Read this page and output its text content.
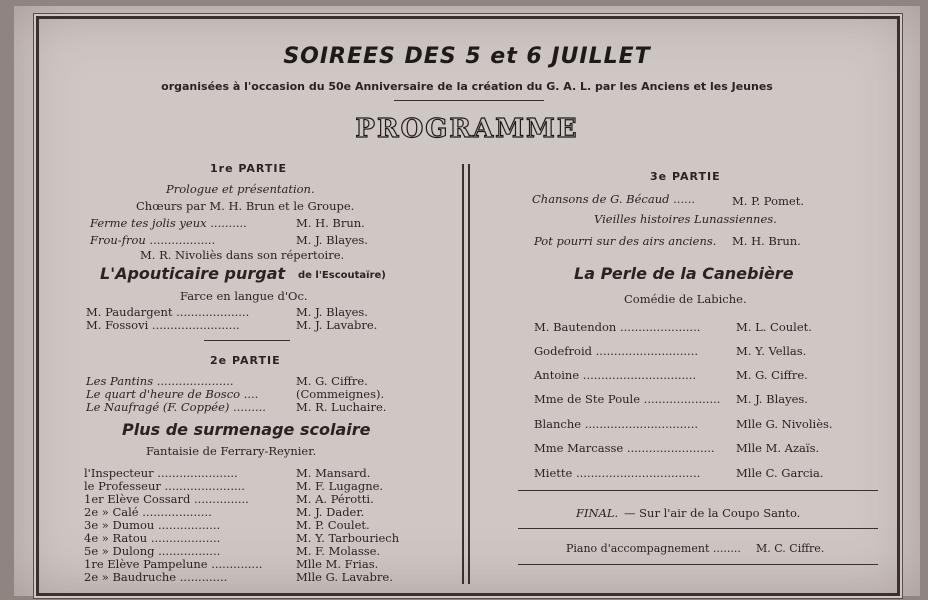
SOIREES DES 5 et 6 JUILLET
organisées à l'occasion du 50e Anniversaire de la création du G. A. L. par les Anciens et les Jeunes
PROGRAMME
1re PARTIE
Prologue et présentation.
Chœurs par M. H. Brun et le Groupe.
Ferme tes jolis yeux ..........	M. H. Brun.
Frou-frou ..................	M. J. Blayes.
M. R. Nivoliès dans son répertoire.
L'Apouticaire purgat de l'Escoutaïre)
Farce en langue d'Oc.
M. Paudargent ....................	M. J. Blayes.
M. Fossovi ........................	M. J. Lavabre.
2e PARTIE
Les Pantins .....................	M. G. Ciffre.
Le quart d'heure de Bosco ....	(Commeignes).
Le Naufragé (F. Coppée) .........	M. R. Luchaire.
Plus de surmenage scolaire
Fantaisie de Ferrary-Reynier.
l'Inspecteur ......................	M. Mansard.
le Professeur ......................	M. F. Lugagne.
1er Elève Cossard ...............	M. A. Pérotti.
2e » Calé ...................	M. J. Dader.
3e » Dumou .................	M. P. Coulet.
4e » Ratou ...................	M. Y. Tarbouriech
5e » Dulong .................	M. F. Molasse.
1re Elève Pampelune ..............	Mlle M. Frias.
2e » Baudruche .............	Mlle G. Lavabre.
3e PARTIE
Chansons de G. Bécaud ......	M. P. Pomet.
Vieilles histoires Lunassiennes.
Pot pourri sur des airs anciens. M. H. Brun.
La Perle de la Canebière
Comédie de Labiche.
M. Bautendon ......................	M. L. Coulet.
Godefroid ............................	M. Y. Vellas.
Antoine ...............................	M. G. Ciffre.
Mme de Ste Poule ..................... M. J. Blayes.
Blanche ...............................	Mlle G. Nivoliès.
Mme Marcasse ........................ Mlle M. Azaïs.
Miette ..................................	Mlle C. Garcia.
FINAL. — Sur l'air de la Coupo Santo.
Piano d'accompagnement ........ M. C. Ciffre.
